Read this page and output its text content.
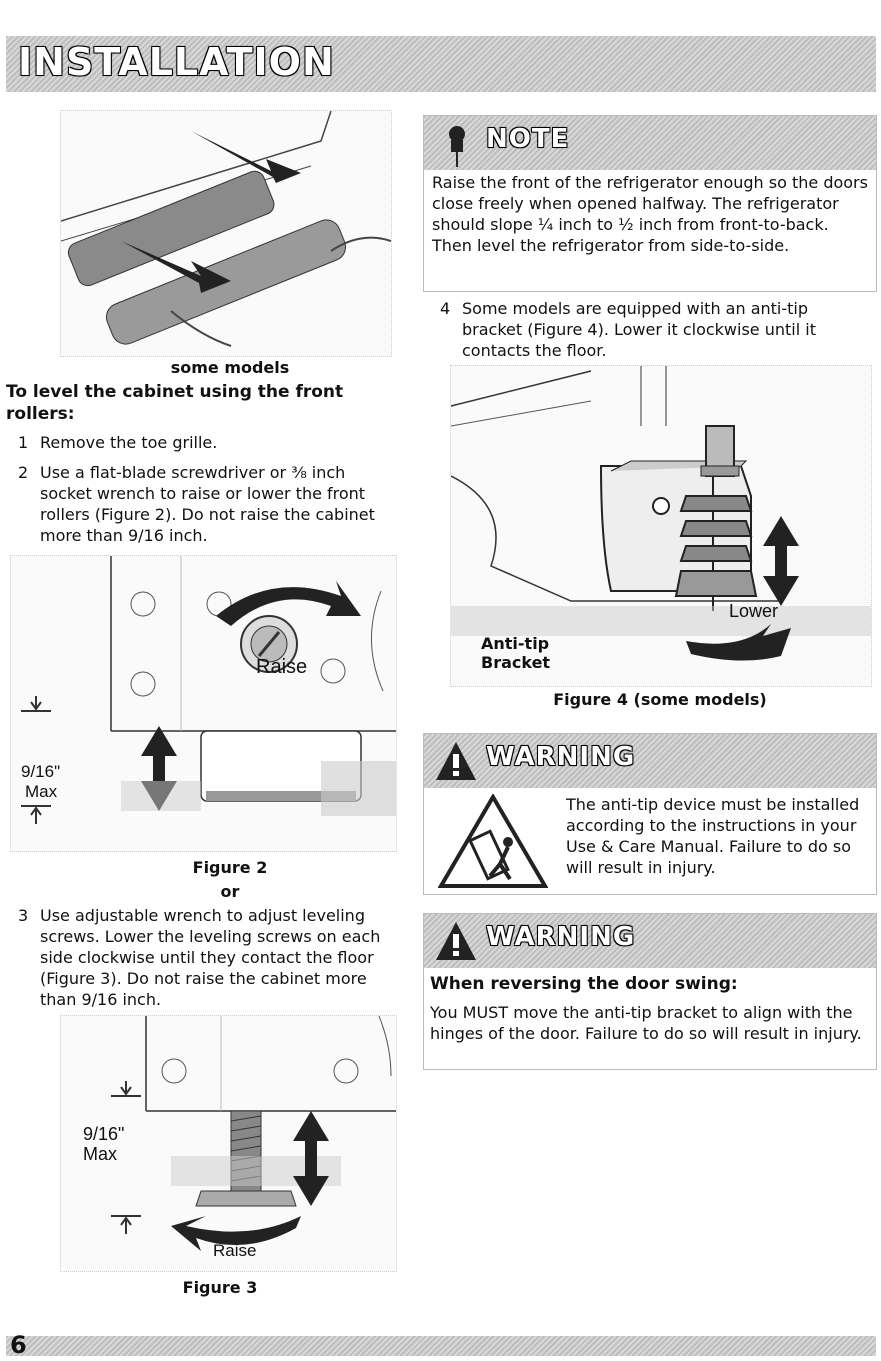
INSTALLATION
some models
To level the cabinet using the front rollers:
1 Remove the toe grille.
2 Use a flat-blade screwdriver or ⅜ inch socket wrench to raise or lower the front rollers (Figure 2). Do not raise the cabinet more than 9/16 inch.
Raise
9/16"
Max
Figure 2
or
3 Use adjustable wrench to adjust leveling screws. Lower the leveling screws on each side clockwise until they contact the floor (Figure 3). Do not raise the cabinet more than 9/16 inch.
9/16"
Max
Raise
Figure 3
NOTE
Raise the front of the refrigerator enough so the doors close freely when opened halfway. The refrigerator should slope ¼ inch to ½ inch from front-to-back. Then level the refrigerator from side-to-side.
4 Some models are equipped with an anti-tip bracket (Figure 4). Lower it clockwise until it contacts the floor.
Lower
Anti-tip
Bracket
Figure 4 (some models)
WARNING
The anti-tip device must be installed according to the instructions in your Use & Care Manual. Failure to do so will result in injury.
WARNING
When reversing the door swing:
You MUST move the anti-tip bracket to align with the hinges of the door. Failure to do so will result in injury.
6
